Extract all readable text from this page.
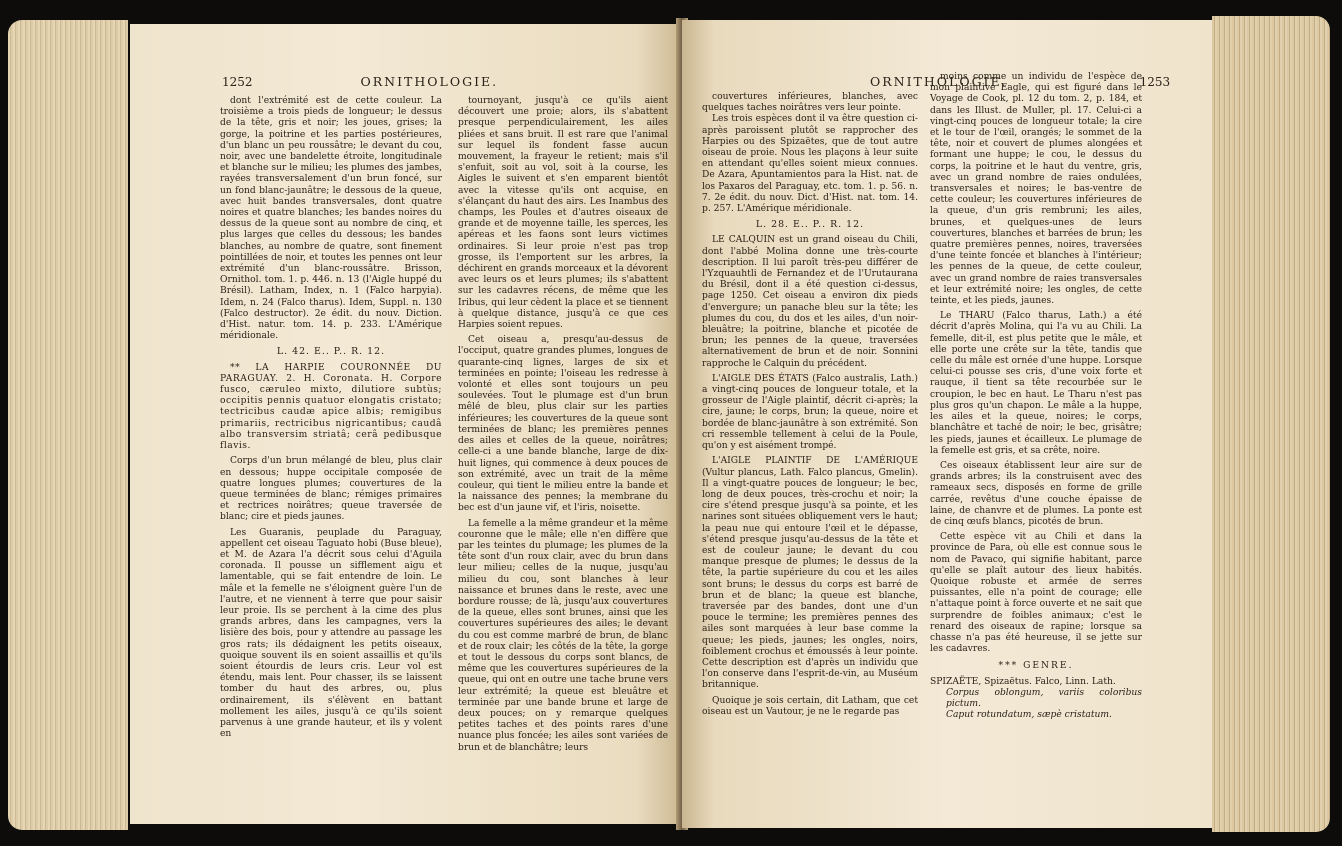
1252	ORNITHOLOGIE.

dont l'extrémité est de cette couleur. La troisième a trois pieds de longueur; le dessus de la tête, gris et noir; les joues, grises; la gorge, la poitrine et les parties postérieures, d'un blanc un peu roussâtre; le devant du cou, noir, avec une bandelette étroite, longitudinale et blanche sur le milieu; les plumes des jambes, rayées transversalement d'un brun foncé, sur un fond blanc-jaunâtre; le dessous de la queue, avec huit bandes transversales, dont quatre noires et quatre blanches; les bandes noires du dessus de la queue sont au nombre de cinq, et plus larges que celles du dessous; les bandes blanches, au nombre de quatre, sont finement pointillées de noir, et toutes les pennes ont leur extrémité d'un blanc-roussâtre. Brisson, Ornithol. tom. 1. p. 446. n. 13 (l'Aigle huppé du Brésil). Latham, Index, n. 1 (Falco harpyia). Idem, n. 24 (Falco tharus). Idem, Suppl. n. 130 (Falco destructor). 2e édit. du nouv. Diction. d'Hist. natur. tom. 14. p. 233. L'Amérique méridionale.

L. 42. E.. P.. R. 12.

** LA HARPIE COURONNÉE DU PARAGUAY. 2. H. Coronata. H. Corpore fusco, cæruleo mixto, dilutiore subtùs; occipitis pennis quatuor elongatis cristato; tectricibus caudæ apice albis; remigibus primariis, rectricibus nigricantibus; caudâ albo transversim striatâ; cerâ pedibusque flavis.

Corps d'un brun mélangé de bleu, plus clair en dessous; huppe occipitale composée de quatre longues plumes; couvertures de la queue terminées de blanc; rémiges primaires et rectrices noirâtres; queue traversée de blanc; cire et pieds jaunes.

Les Guaranis, peuplade du Paraguay, appellent cet oiseau Taguato hobi (Buse bleue), et M. de Azara l'a décrit sous celui d'Aguila coronada. Il pousse un sifflement aigu et lamentable, qui se fait entendre de loin. Le mâle et la femelle ne s'éloignent guère l'un de l'autre, et ne viennent à terre que pour saisir leur proie. Ils se perchent à la cime des plus grands arbres, dans les campagnes, vers la lisière des bois, pour y attendre au passage les gros rats; ils dédaignent les petits oiseaux, quoique souvent ils en soient assaillis et qu'ils soient étourdis de leurs cris. Leur vol est étendu, mais lent. Pour chasser, ils se laissent tomber du haut des arbres, ou, plus ordinairement, ils s'élèvent en battant mollement les ailes, jusqu'à ce qu'ils soient parvenus à une grande hauteur, et ils y volent en

tournoyant, jusqu'à ce qu'ils aient découvert une proie; alors, ils s'abattent presque perpendiculairement, les ailes pliées et sans bruit. Il est rare que l'animal sur lequel ils fondent fasse aucun mouvement, la frayeur le retient; mais s'il s'enfuit, soit au vol, soit à la course, les Aigles le suivent et s'en emparent bientôt avec la vitesse qu'ils ont acquise, en s'élançant du haut des airs. Les Inambus des champs, les Poules et d'autres oiseaux de grande et de moyenne taille, les sperces, les apéreas et les faons sont leurs victimes ordinaires. Si leur proie n'est pas trop grosse, ils l'emportent sur les arbres, la déchirent en grands morceaux et la dévorent avec leurs os et leurs plumes; ils s'abattent sur les cadavres récens, de même que les Iribus, qui leur cèdent la place et se tiennent à quelque distance, jusqu'à ce que ces Harpies soient repues.

Cet oiseau a, presqu'au-dessus de l'occiput, quatre grandes plumes, longues de quarante-cinq lignes, larges de six et terminées en pointe; l'oiseau les redresse à volonté et elles sont toujours un peu soulevées. Tout le plumage est d'un brun mêlé de bleu, plus clair sur les parties inférieures; les couvertures de la queue sont terminées de blanc; les premières pennes des ailes et celles de la queue, noirâtres; celle-ci a une bande blanche, large de dix-huit lignes, qui commence à deux pouces de son extrémité, avec un trait de la même couleur, qui tient le milieu entre la bande et la naissance des pennes; la membrane du bec est d'un jaune vif, et l'iris, noisette.

La femelle a la même grandeur et la même couronne que le mâle; elle n'en diffère que par les teintes du plumage; les plumes de la tête sont d'un roux clair, avec du brun dans leur milieu; celles de la nuque, jusqu'au milieu du cou, sont blanches à leur naissance et brunes dans le reste, avec une bordure rousse; de là, jusqu'aux couvertures de la queue, elles sont brunes, ainsi que les couvertures supérieures des ailes; le devant du cou est comme marbré de brun, de blanc et de roux clair; les côtés de la tête, la gorge et tout le dessous du corps sont blancs, de même que les couvertures supérieures de la queue, qui ont en outre une tache brune vers leur extrémité; la queue est bleuâtre et terminée par une bande brune et large de deux pouces; on y remarque quelques petites taches et des points rares d'une nuance plus foncée; les ailes sont variées de brun et de blanchâtre; leurs

ORNITHOLOGIE.	1253

couvertures inférieures, blanches, avec quelques taches noirâtres vers leur pointe.

Les trois espèces dont il va être question ci-après paroissent plutôt se rapprocher des Harpies ou des Spizaëtes, que de tout autre oiseau de proie. Nous les plaçons à leur suite en attendant qu'elles soient mieux connues. De Azara, Apuntamientos para la Hist. nat. de los Paxaros del Paraguay, etc. tom. 1. p. 56. n. 7. 2e édit. du nouv. Dict. d'Hist. nat. tom. 14. p. 257. L'Amérique méridionale.

L. 28. E.. P.. R. 12.

LE CALQUIN est un grand oiseau du Chili, dont l'abbé Molina donne une très-courte description. Il lui paroît très-peu différer de l'Yzquauhtli de Fernandez et de l'Urutaurana du Brésil, dont il a été question ci-dessus, page 1250. Cet oiseau a environ dix pieds d'envergure; un panache bleu sur la tête; les plumes du cou, du dos et les ailes, d'un noir-bleuâtre; la poitrine, blanche et picotée de brun; les pennes de la queue, traversées alternativement de brun et de noir. Sonnini rapproche le Calquin du précédent.

L'AIGLE DES ÉTATS (Falco australis, Lath.) a vingt-cinq pouces de longueur totale, et la grosseur de l'Aigle plaintif, décrit ci-après; la cire, jaune; le corps, brun; la queue, noire et bordée de blanc-jaunâtre à son extrémité. Son cri ressemble tellement à celui de la Poule, qu'on y est aisément trompé.

L'AIGLE PLAINTIF DE L'AMÉRIQUE (Vultur plancus, Lath. Falco plancus, Gmelin). Il a vingt-quatre pouces de longueur; le bec, long de deux pouces, très-crochu et noir; la cire s'étend presque jusqu'à sa pointe, et les narines sont situées obliquement vers le haut; la peau nue qui entoure l'œil et le dépasse, s'étend presque jusqu'au-dessus de la tête et est de couleur jaune; le devant du cou manque presque de plumes; le dessus de la tête, la partie supérieure du cou et les ailes sont bruns; le dessus du corps est barré de brun et de blanc; la queue est blanche, traversée par des bandes, dont une d'un pouce le termine; les premières pennes des ailes sont marquées à leur base comme la queue; les pieds, jaunes; les ongles, noirs, foiblement crochus et émoussés à leur pointe. Cette description est d'après un individu que l'on conserve dans l'esprit-de-vin, au Muséum britannique.

Quoique je sois certain, dit Latham, que cet oiseau est un Vautour, je ne le regarde pas

moins comme un individu de l'espèce de mon plaintive Eagle, qui est figuré dans le Voyage de Cook, pl. 12 du tom. 2, p. 184, et dans les Illust. de Muller, pl. 17. Celui-ci a vingt-cinq pouces de longueur totale; la cire et le tour de l'œil, orangés; le sommet de la tête, noir et couvert de plumes alongées et formant une huppe; le cou, le dessus du corps, la poitrine et le haut du ventre, gris, avec un grand nombre de raies ondulées, transversales et noires; le bas-ventre de cette couleur; les couvertures inférieures de la queue, d'un gris rembruni; les ailes, brunes, et quelques-unes de leurs couvertures, blanches et barrées de brun; les quatre premières pennes, noires, traversées d'une teinte foncée et blanches à l'intérieur; les pennes de la queue, de cette couleur, avec un grand nombre de raies transversales et leur extrémité noire; les ongles, de cette teinte, et les pieds, jaunes.

Le THARU (Falco tharus, Lath.) a été décrit d'après Molina, qui l'a vu au Chili. La femelle, dit-il, est plus petite que le mâle, et elle porte une crête sur la tête, tandis que celle du mâle est ornée d'une huppe. Lorsque celui-ci pousse ses cris, d'une voix forte et rauque, il tient sa tête recourbée sur le croupion, le bec en haut. Le Tharu n'est pas plus gros qu'un chapon. Le mâle a la huppe, les ailes et la queue, noires; le corps, blanchâtre et taché de noir; le bec, grisâtre; les pieds, jaunes et écailleux. Le plumage de la femelle est gris, et sa crête, noire.

Ces oiseaux établissent leur aire sur de grands arbres; ils la construisent avec des rameaux secs, disposés en forme de grille carrée, revêtus d'une couche épaisse de laine, de chanvre et de plumes. La ponte est de cinq œufs blancs, picotés de brun.

Cette espèce vit au Chili et dans la province de Para, où elle est connue sous le nom de Pavaco, qui signifie habitant, parce qu'elle se plaît autour des lieux habités. Quoique robuste et armée de serres puissantes, elle n'a point de courage; elle n'attaque point à force ouverte et ne sait que surprendre de foibles animaux; c'est le renard des oiseaux de rapine; lorsque sa chasse n'a pas été heureuse, il se jette sur les cadavres.

*** GENRE.

SPIZAËTE, Spizaëtus. Falco, Linn. Lath.

Corpus oblongum, variis coloribus pictum.

Caput rotundatum, sæpè cristatum.
